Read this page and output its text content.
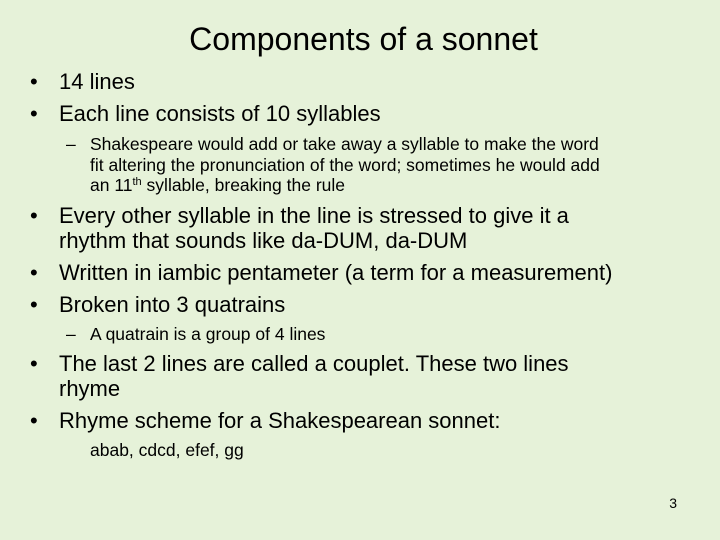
Components of a sonnet
• 14 lines
• Each line consists of 10 syllables
– Shakespeare would add or take away a syllable to make the word
fit altering the pronunciation of the word; sometimes he would add
an 11th syllable, breaking the rule
• Every other syllable in the line is stressed to give it a
rhythm that sounds like da-DUM, da-DUM
• Written in iambic pentameter (a term for a measurement)
• Broken into 3 quatrains
– A quatrain is a group of 4 lines
• The last 2 lines are called a couplet. These two lines
rhyme
• Rhyme scheme for a Shakespearean sonnet:
abab, cdcd, efef, gg
3
